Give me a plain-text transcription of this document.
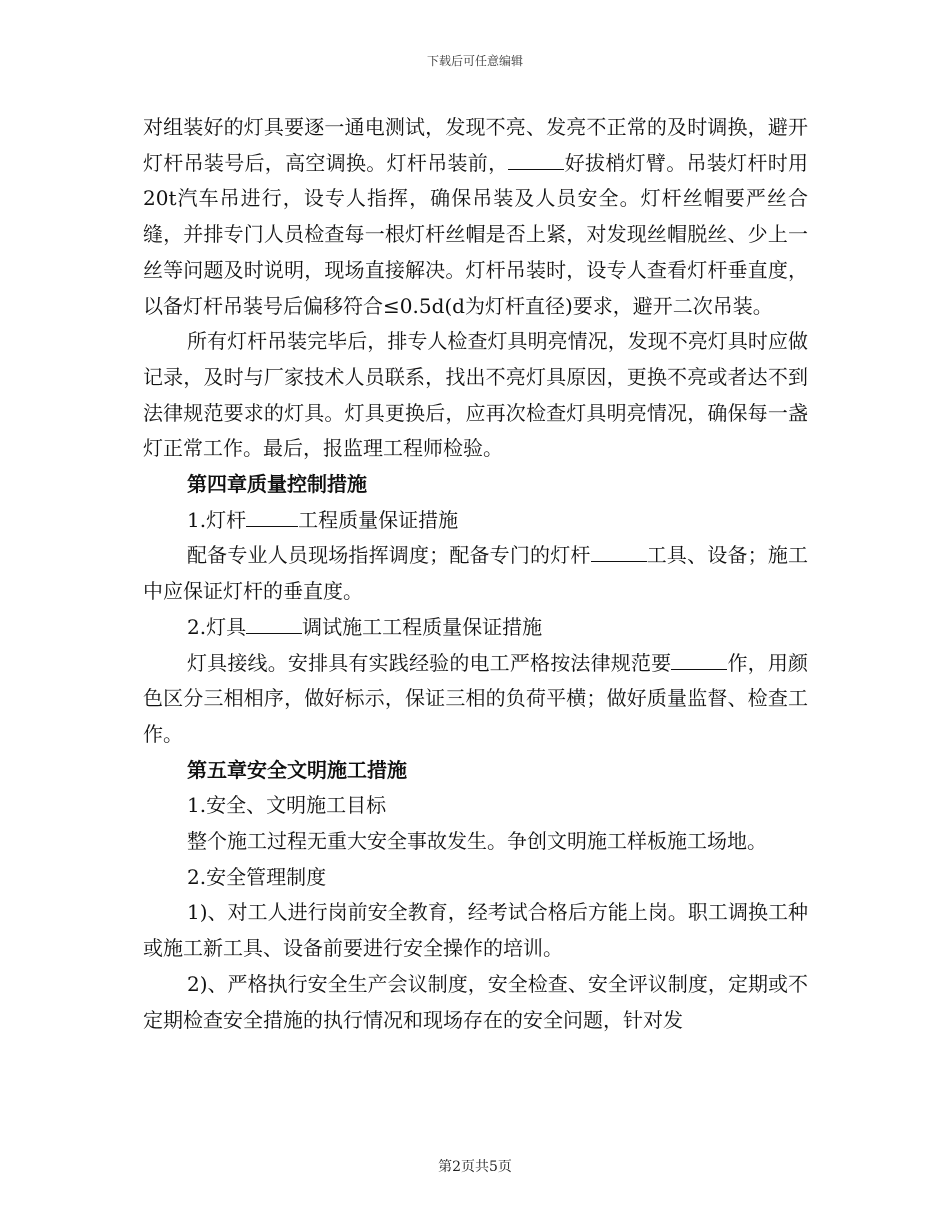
下载后可任意编辑

对组装好的灯具要逐一通电测试，发现不亮、发亮不正常的及时调换，避开灯杆吊装号后，高空调换。灯杆吊装前，	好拔梢灯臂。吊装灯杆时用20t汽车吊进行，设专人指挥，确保吊装及人员安全。灯杆丝帽要严丝合缝，并排专门人员检查每一根灯杆丝帽是否上紧，对发现丝帽脱丝、少上一丝等问题及时说明，现场直接解决。灯杆吊装时，设专人查看灯杆垂直度，以备灯杆吊装号后偏移符合≤0.5d(d为灯杆直径)要求，避开二次吊装。

所有灯杆吊装完毕后，排专人检查灯具明亮情况，发现不亮灯具时应做记录，及时与厂家技术人员联系，找出不亮灯具原因，更换不亮或者达不到法律规范要求的灯具。灯具更换后，应再次检查灯具明亮情况，确保每一盏灯正常工作。最后，报监理工程师检验。

第四章质量控制措施

1.灯杆	工程质量保证措施

配备专业人员现场指挥调度；配备专门的灯杆	工具、设备；施工中应保证灯杆的垂直度。

2.灯具	调试施工工程质量保证措施

灯具接线。安排具有实践经验的电工严格按法律规范要	作，用颜色区分三相相序，做好标示，保证三相的负荷平横；做好质量监督、检查工作。

第五章安全文明施工措施

1.安全、文明施工目标

整个施工过程无重大安全事故发生。争创文明施工样板施工场地。

2.安全管理制度

1)、对工人进行岗前安全教育，经考试合格后方能上岗。职工调换工种或施工新工具、设备前要进行安全操作的培训。

2)、严格执行安全生产会议制度，安全检查、安全评议制度，定期或不定期检查安全措施的执行情况和现场存在的安全问题，针对发

第2页共5页
